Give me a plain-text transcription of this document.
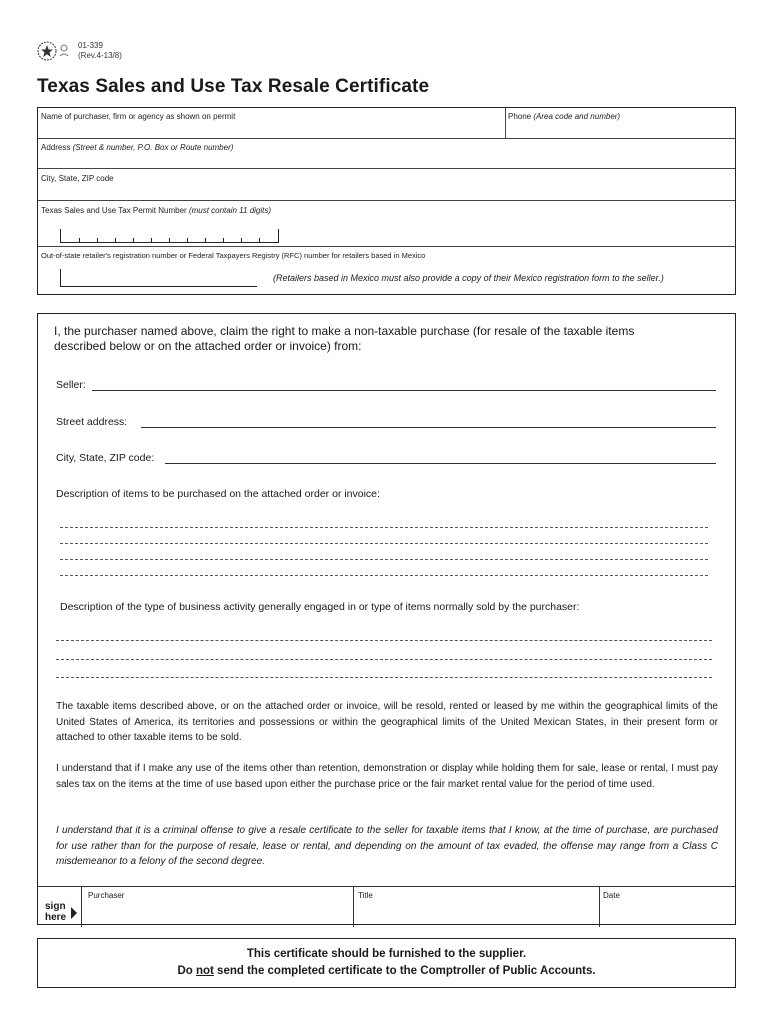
01-339
(Rev.4-13/8)
Texas Sales and Use Tax Resale Certificate
Name of purchaser, firm or agency as shown on permit	Phone (Area code and number)
Address (Street & number, P.O. Box or Route number)
City, State, ZIP code
Texas Sales and Use Tax Permit Number (must contain 11 digits)
Out-of-state retailer's registration number or Federal Taxpayers Registry (RFC) number for retailers based in Mexico
(Retailers based in Mexico must also provide a copy of their Mexico registration form to the seller.)
I, the purchaser named above, claim the right to make a non-taxable purchase (for resale of the taxable items described below or on the attached order or invoice) from:
Seller:
Street address:
City, State, ZIP code:
Description of items to be purchased on the attached order or invoice:
Description of the type of business activity generally engaged in or type of items normally sold by the purchaser:
The taxable items described above, or on the attached order or invoice, will be resold, rented or leased by me within the geographical limits of the United States of America, its territories and possessions or within the geographical limits of the United Mexican States, in their present form or attached to other taxable items to be sold.
I understand that if I make any use of the items other than retention, demonstration or display while holding them for sale, lease or rental, I must pay sales tax on the items at the time of use based upon either the purchase price or the fair market rental value for the period of time used.
I understand that it is a criminal offense to give a resale certificate to the seller for taxable items that I know, at the time of purchase, are purchased for use rather than for the purpose of resale, lease or rental, and depending on the amount of tax evaded, the offense may range from a Class C misdemeanor to a felony of the second degree.
sign
here
Purchaser	Title	Date
This certificate should be furnished to the supplier.
Do not send the completed certificate to the Comptroller of Public Accounts.
